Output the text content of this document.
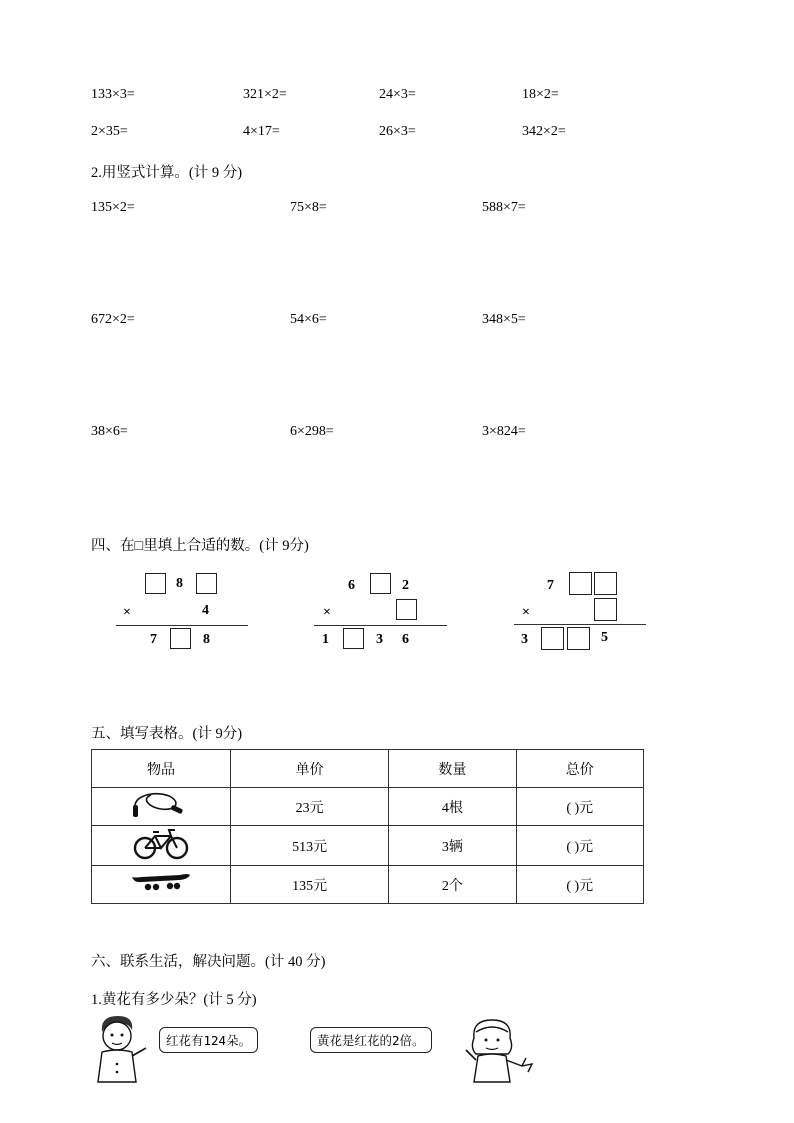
133×3=	321×2=	24×3=	18×2=
2×35=	4×17=	26×3=	342×2=
2.用竖式计算。(计 9 分)
135×2=	75×8=	588×7=
672×2=	54×6=	348×5=
38×6=	6×298=	3×824=
四、在□里填上合适的数。(计 9分)
8
×	4
7	8
6	2
×
1	3 6
7
×
3	5
五、填写表格。(计 9分)
物品	单价	数量	总价
	23元	4根	( )元
	513元	3辆	( )元
	135元	2个	( )元
六、联系生活，解决问题。(计 40 分)
1.黄花有多少朵？(计 5 分)
红花有124朵。	黄花是红花的2倍。
